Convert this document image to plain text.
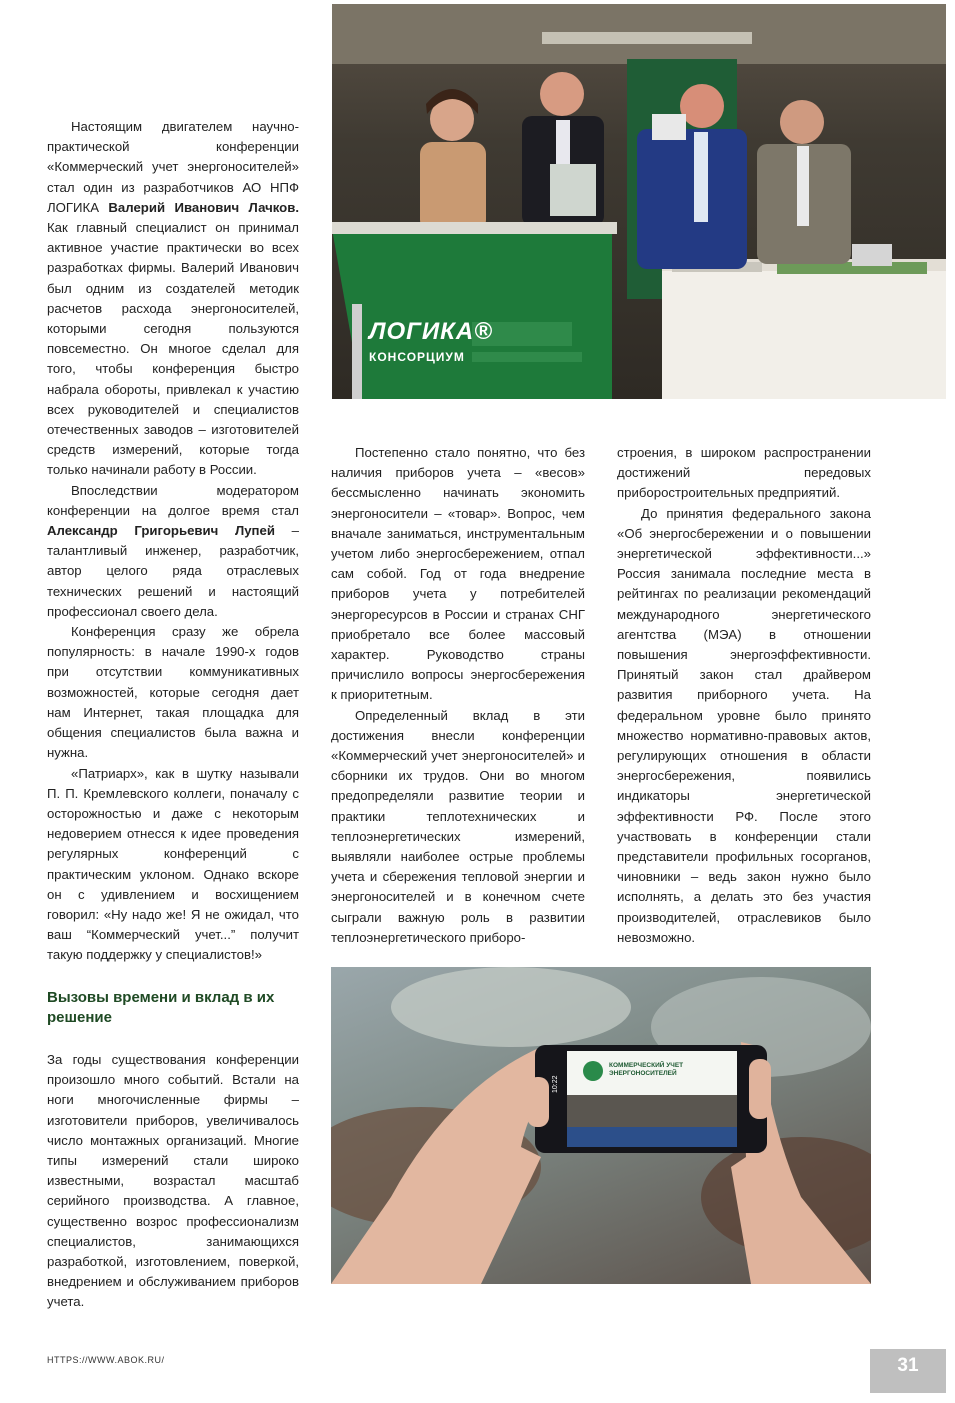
ЛОГИКА®
КОНСОРЦИУМ

Настоящим двигателем научно-практической конференции «Коммерческий учет энергоносителей» стал один из разработчиков АО НПФ ЛОГИКА Валерий Иванович Лачков. Как главный специалист он принимал активное участие практически во всех разработках фирмы. Валерий Иванович был одним из создателей методик расчетов расхода энергоносителей, которыми сегодня пользуются повсеместно. Он многое сделал для того, чтобы конференция быстро набрала обороты, привлекал к участию всех руководителей и специалистов отечественных заводов – изготовителей средств измерений, которые тогда только начинали работу в России.

Впоследствии модератором конференции на долгое время стал Александр Григорьевич Лупей – талантливый инженер, разработчик, автор целого ряда отраслевых технических решений и настоящий профессионал своего дела.

Конференция сразу же обрела популярность: в начале 1990-х годов при отсутствии коммуникативных возможностей, которые сегодня дает нам Интернет, такая площадка для общения специалистов была важна и нужна.

«Патриарх», как в шутку называли П. П. Кремлевского коллеги, поначалу с осторожностью и даже с некоторым недоверием отнесся к идее проведения регулярных конференций с практическим уклоном. Однако вскоре он с удивлением и восхищением говорил: «Ну надо же! Я не ожидал, что ваш “Коммерческий учет...” получит такую поддержку у специалистов!»

Вызовы времени и вклад в их решение

За годы существования конференции произошло много событий. Встали на ноги многочисленные фирмы – изготовители приборов, увеличивалось число монтажных организаций. Многие типы измерений стали широко известными, возрастал масштаб серийного производства. А главное, существенно возрос профессионализм специалистов, занимающихся разработкой, изготовлением, поверкой, внедрением и обслуживанием приборов учета.

Постепенно стало понятно, что без наличия приборов учета – «весов» бессмысленно начинать экономить энергоносители – «товар». Вопрос, чем вначале заниматься, инструментальным учетом либо энергосбережением, отпал сам собой. Год от года внедрение приборов учета у потребителей энергоресурсов в России и странах СНГ приобретало все более массовый характер. Руководство страны причислило вопросы энергосбережения к приоритетным.

Определенный вклад в эти достижения внесли конференции «Коммерческий учет энергоносителей» и сборники их трудов. Они во многом предопределяли развитие теории и практики теплотехнических и теплоэнергетических измерений, выявляли наиболее острые проблемы учета и сбережения тепловой энергии и энергоносителей и в конечном счете сыграли важную роль в развитии теплоэнергетического приборо-

строения, в широком распространении достижений передовых приборостроительных предприятий.

До принятия федерального закона «Об энергосбережении и о повышении энергетической эффективности...» Россия занимала последние места в рейтингах по реализации рекомендаций международного энергетического агентства (МЭА) в отношении повышения энергоэффективности. Принятый закон стал драйвером развития приборного учета. На федеральном уровне было принято множество нормативно-правовых актов, регулирующих отношения в области энергосбережения, появились индикаторы энергетической эффективности РФ. После этого участвовать в конференции стали представители профильных госорганов, чиновники – ведь закон нужно было исполнять, а делать это без участия производителей, отраслевиков было невозможно.

10:22
КОММЕРЧЕСКИЙ УЧЕТ ЭНЕРГОНОСИТЕЛЕЙ
HTTPS://WWW.ABOK.RU/	31
